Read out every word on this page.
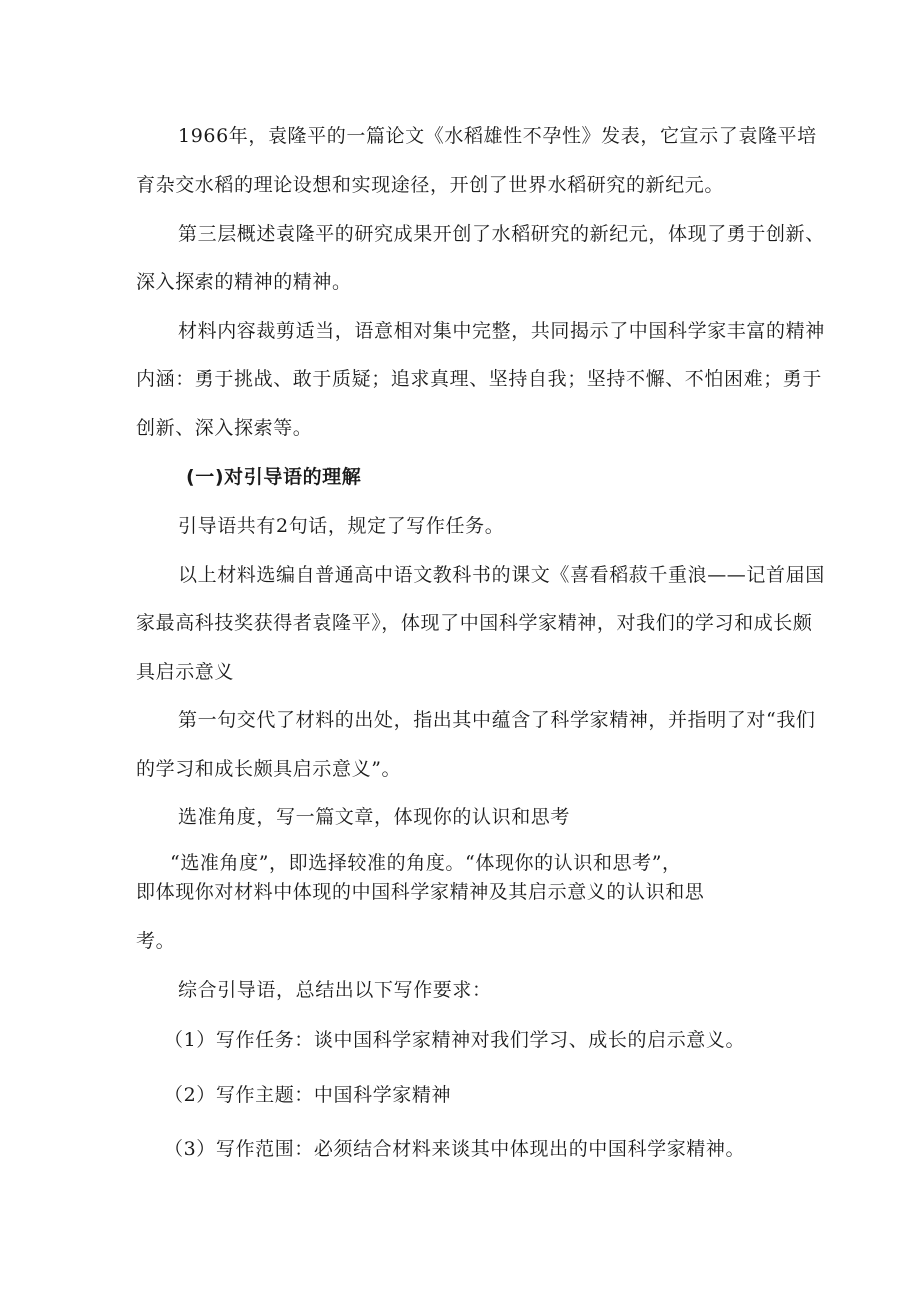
1966年，袁隆平的一篇论文《水稻雄性不孕性》发表，它宣示了袁隆平培
育杂交水稻的理论设想和实现途径，开创了世界水稻研究的新纪元。
第三层概述袁隆平的研究成果开创了水稻研究的新纪元，体现了勇于创新、
深入探索的精神的精神。
材料内容裁剪适当，语意相对集中完整，共同揭示了中国科学家丰富的精神
内涵：勇于挑战、敢于质疑；追求真理、坚持自我；坚持不懈、不怕困难；勇于
创新、深入探索等。
(一)对引导语的理解
引导语共有2句话，规定了写作任务。
以上材料选编自普通高中语文教科书的课文《喜看稻菽千重浪——记首届国
家最高科技奖获得者袁隆平》，体现了中国科学家精神，对我们的学习和成长颇
具启示意义
第一句交代了材料的出处，指出其中蕴含了科学家精神，并指明了对“我们
的学习和成长颇具启示意义”。
选准角度，写一篇文章，体现你的认识和思考
“选准角度”，即选择较准的角度。“体现你的认识和思考”，
即体现你对材料中体现的中国科学家精神及其启示意义的认识和思
考。
综合引导语，总结出以下写作要求：
（1）写作任务：谈中国科学家精神对我们学习、成长的启示意义。
（2）写作主题：中国科学家精神
（3）写作范围：必须结合材料来谈其中体现出的中国科学家精神。
